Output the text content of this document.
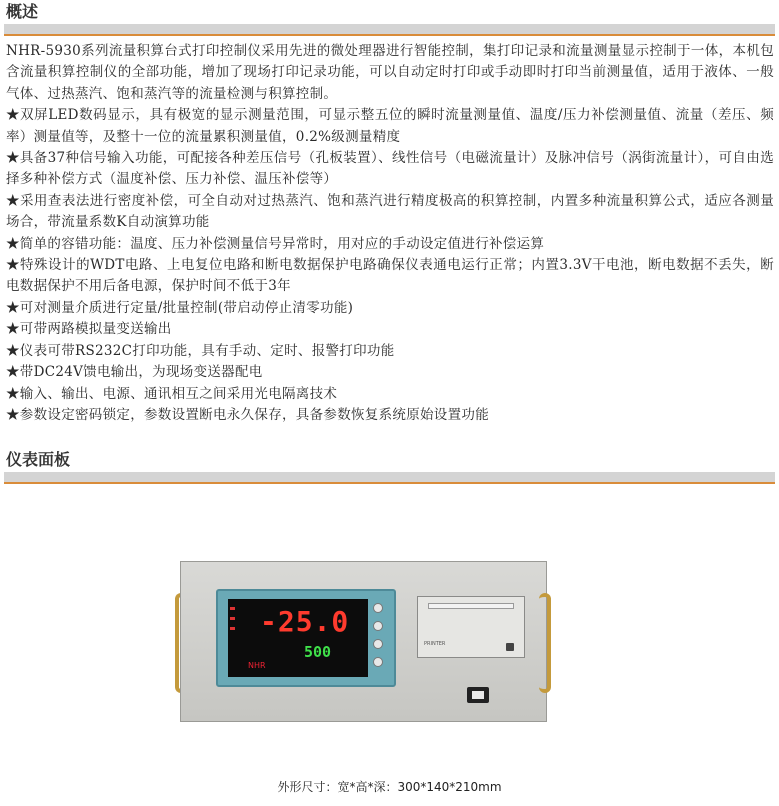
概述

NHR-5930系列流量积算台式打印控制仪采用先进的微处理器进行智能控制，集打印记录和流量测量显示控制于一体，本机包含流量积算控制仪的全部功能，增加了现场打印记录功能，可以自动定时打印或手动即时打印当前测量值，适用于液体、一般气体、过热蒸汽、饱和蒸汽等的流量检测与积算控制。

★双屏LED数码显示，具有极宽的显示测量范围，可显示整五位的瞬时流量测量值、温度/压力补偿测量值、流量（差压、频率）测量值等，及整十一位的流量累积测量值，0.2%级测量精度

★具备37种信号输入功能，可配接各种差压信号（孔板装置）、线性信号（电磁流量计）及脉冲信号（涡街流量计），可自由选择多种补偿方式（温度补偿、压力补偿、温压补偿等）

★采用查表法进行密度补偿，可全自动对过热蒸汽、饱和蒸汽进行精度极高的积算控制，内置多种流量积算公式，适应各测量场合，带流量系数K自动演算功能

★简单的容错功能：温度、压力补偿测量信号异常时，用对应的手动设定值进行补偿运算

★特殊设计的WDT电路、上电复位电路和断电数据保护电路确保仪表通电运行正常；内置3.3V干电池，断电数据不丢失，断电数据保护不用后备电源，保护时间不低于3年

★可对测量介质进行定量/批量控制(带启动停止清零功能)

★可带两路模拟量变送输出

★仪表可带RS232C打印功能，具有手动、定时、报警打印功能

★带DC24V馈电输出，为现场变送器配电

★输入、输出、电源、通讯相互之间采用光电隔离技术

★参数设定密码锁定，参数设置断电永久保存，具备参数恢复系统原始设置功能

仪表面板
-25.0
500
NHR
PRINTER
外形尺寸：宽*高*深：300*140*210mm
